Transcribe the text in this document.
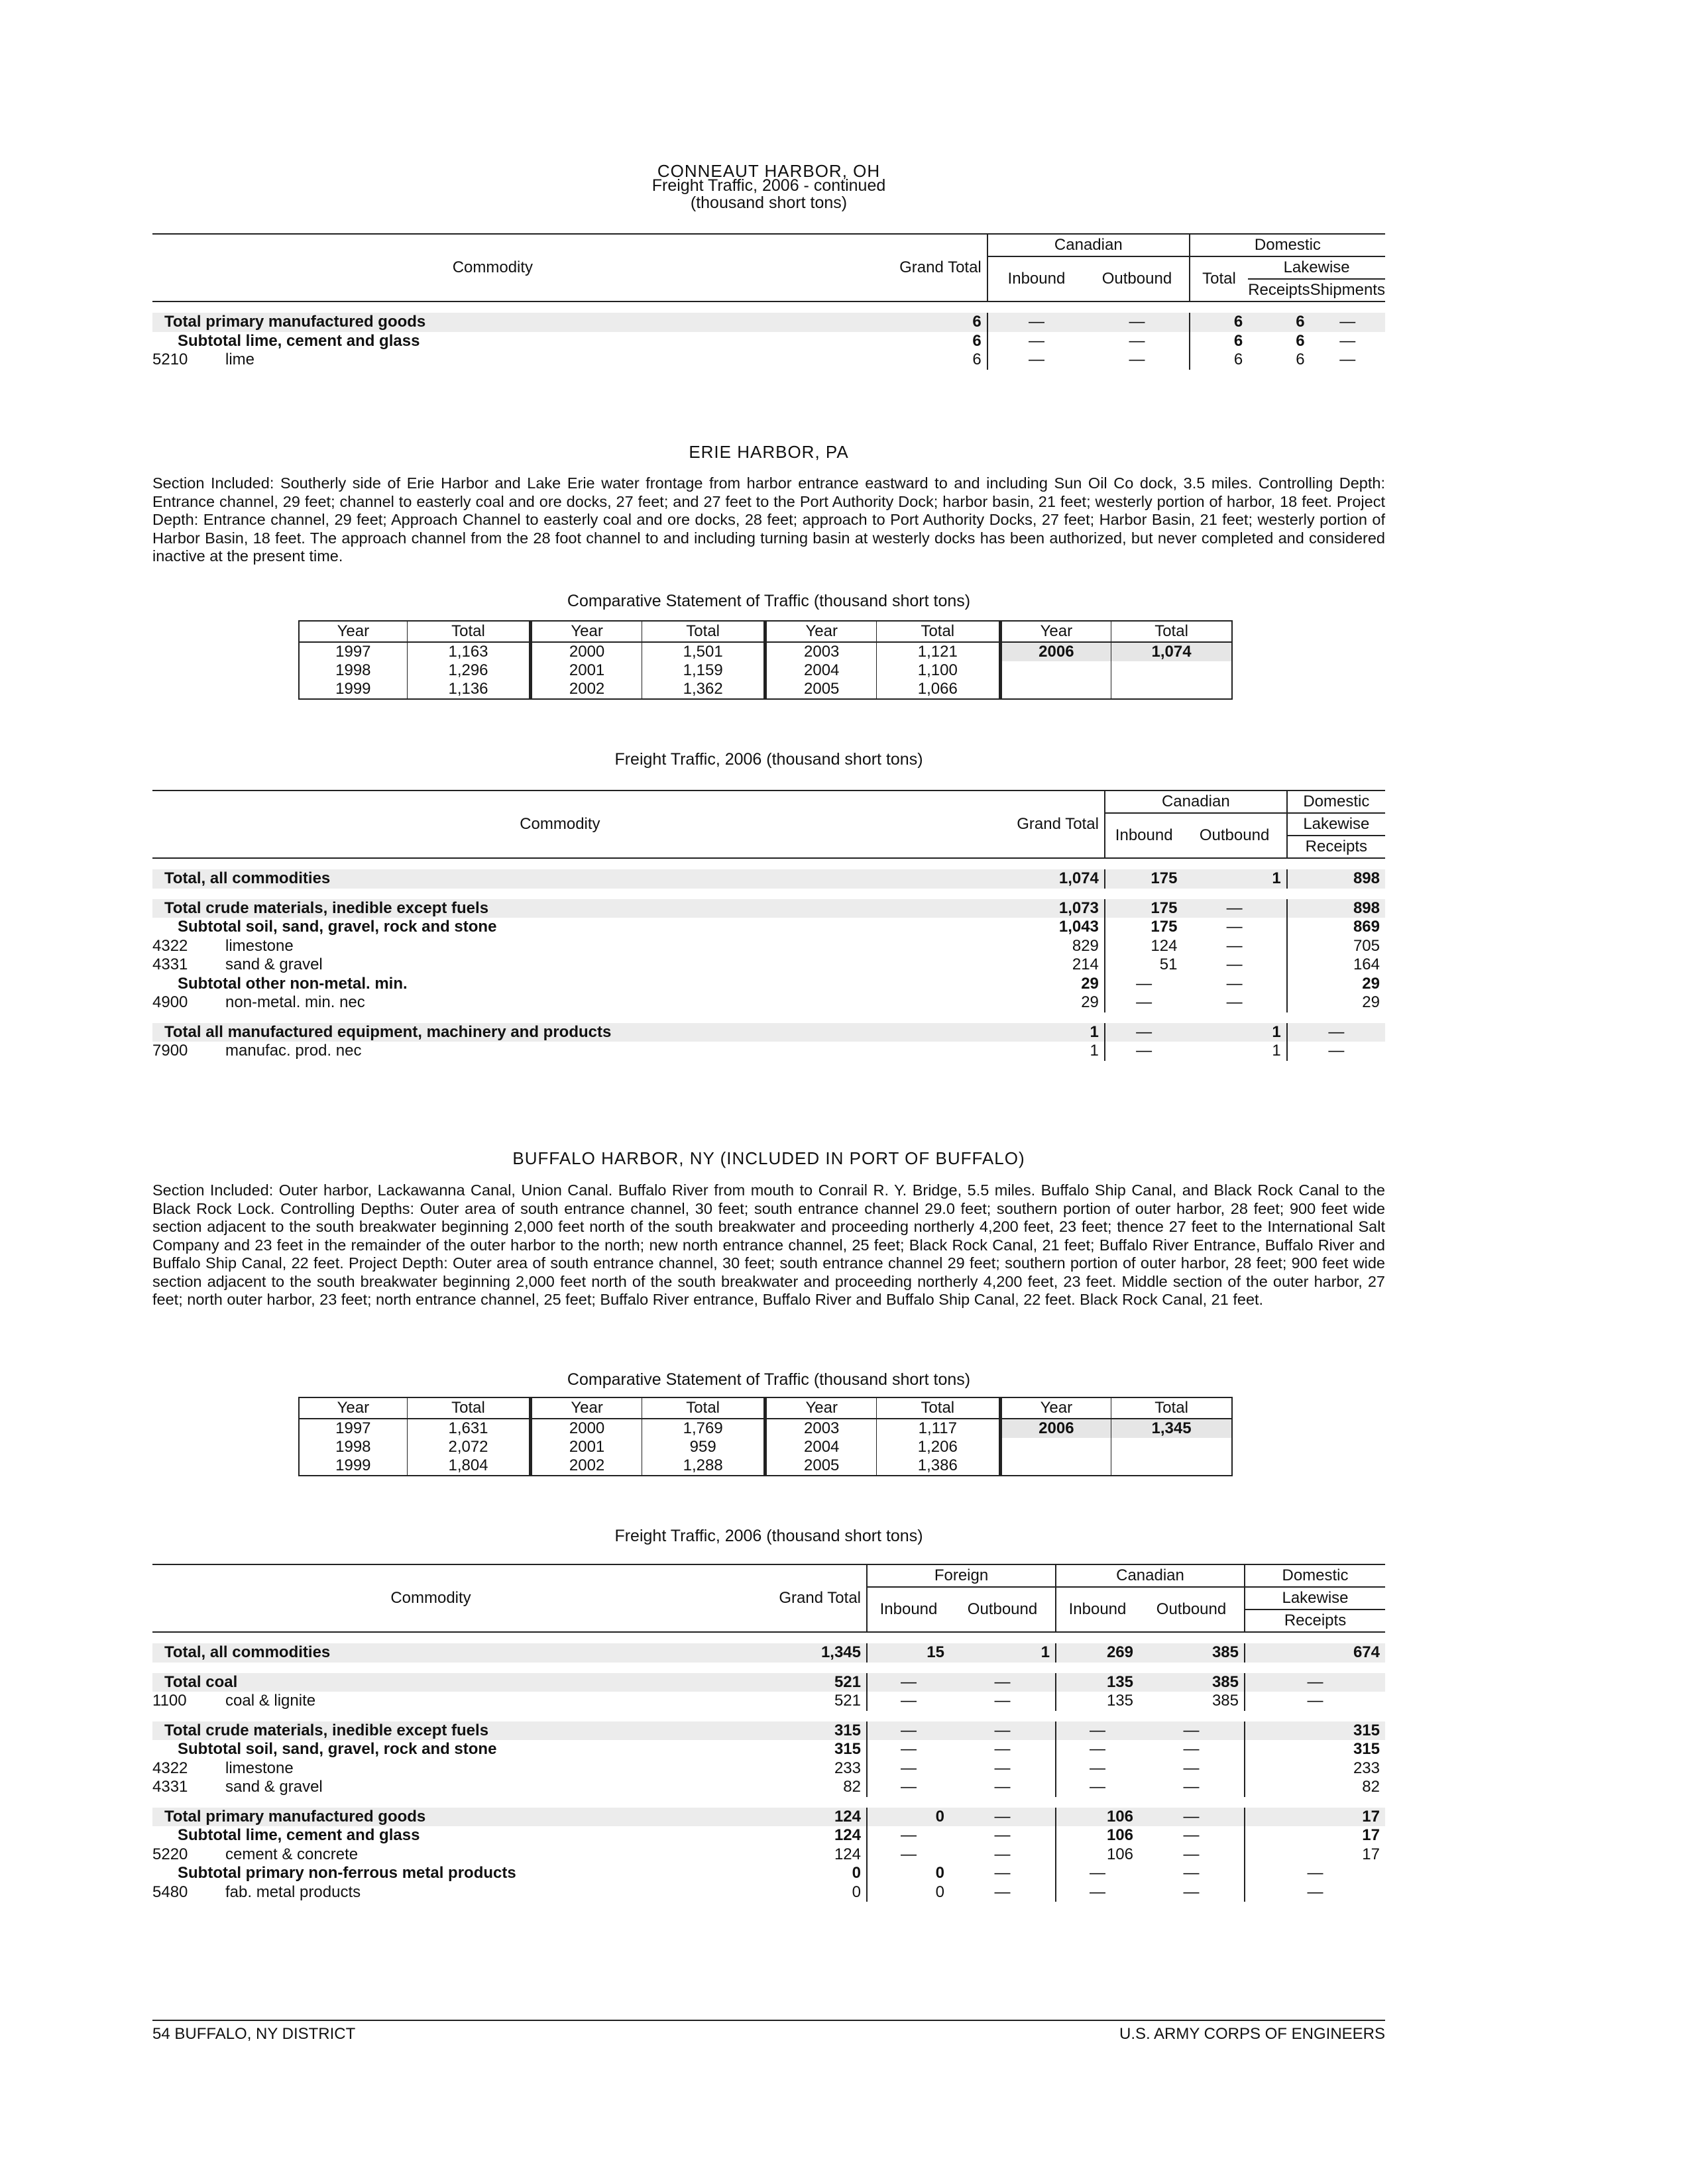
CONNEAUT HARBOR, OH
Freight Traffic, 2006 - continued
(thousand short tons)
Commodity	Grand Total	Canadian		Domestic		
		Inbound	Outbound	Total	Lakewise	
					Receipts	Shipments

Total primary manufactured goods	6	—	—	6	6	—
Subtotal lime, cement and glass	6	—	—	6	6	—
5210 lime	6	—	—	6	6	—
ERIE HARBOR, PA

Section Included: Southerly side of Erie Harbor and Lake Erie water frontage from harbor entrance eastward to and including Sun Oil Co dock, 3.5 miles. Controlling Depth: Entrance channel, 29 feet; channel to easterly coal and ore docks, 27 feet; and 27 feet to the Port Authority Dock; harbor basin, 21 feet; westerly portion of harbor, 18 feet. Project Depth: Entrance channel, 29 feet; Approach Channel to easterly coal and ore docks, 28 feet; approach to Port Authority Docks, 27 feet; Harbor Basin, 21 feet; westerly portion of Harbor Basin, 18 feet. The approach channel from the 28 foot channel to and including turning basin at westerly docks has been authorized, but never completed and considered inactive at the present time.

Comparative Statement of Traffic (thousand short tons)
Year	Total	Year	Total	Year	Total	Year	Total
1997	1,163	2000	1,501	2003	1,121	2006	1,074
1998	1,296	2001	1,159	2004	1,100		
1999	1,136	2002	1,362	2005	1,066		
Freight Traffic, 2006 (thousand short tons)
Commodity	Grand Total	Canadian		Domestic
		Inbound	Outbound	Lakewise
				Receipts

Total, all commodities	1,074	175	1	898

Total crude materials, inedible except fuels	1,073	175	—	898
Subtotal soil, sand, gravel, rock and stone	1,043	175	—	869
4322 limestone	829	124	—	705
4331 sand & gravel	214	51	—	164
Subtotal other non-metal. min.	29	—	—	29
4900 non-metal. min. nec	29	—	—	29

Total all manufactured equipment, machinery and products	1	—	1	—
7900 manufac. prod. nec	1	—	1	—
BUFFALO HARBOR, NY (INCLUDED IN PORT OF BUFFALO)

Section Included: Outer harbor, Lackawanna Canal, Union Canal. Buffalo River from mouth to Conrail R. Y. Bridge, 5.5 miles. Buffalo Ship Canal, and Black Rock Canal to the Black Rock Lock. Controlling Depths: Outer area of south entrance channel, 30 feet; south entrance channel 29.0 feet; southern portion of outer harbor, 28 feet; 900 feet wide section adjacent to the south breakwater beginning 2,000 feet north of the south breakwater and proceeding northerly 4,200 feet, 23 feet; thence 27 feet to the International Salt Company and 23 feet in the remainder of the outer harbor to the north; new north entrance channel, 25 feet; Black Rock Canal, 21 feet; Buffalo River Entrance, Buffalo River and Buffalo Ship Canal, 22 feet. Project Depth: Outer area of south entrance channel, 30 feet; south entrance channel 29 feet; southern portion of outer harbor, 28 feet; 900 feet wide section adjacent to the south breakwater beginning 2,000 feet north of the south breakwater and proceeding northerly 4,200 feet, 23 feet. Middle section of the outer harbor, 27 feet; north outer harbor, 23 feet; north entrance channel, 25 feet; Buffalo River entrance, Buffalo River and Buffalo Ship Canal, 22 feet. Black Rock Canal, 21 feet.

Comparative Statement of Traffic (thousand short tons)
Year	Total	Year	Total	Year	Total	Year	Total
1997	1,631	2000	1,769	2003	1,117	2006	1,345
1998	2,072	2001	959	2004	1,206		
1999	1,804	2002	1,288	2005	1,386		
Freight Traffic, 2006 (thousand short tons)
Commodity	Grand Total	Foreign		Canadian		Domestic
		Inbound	Outbound	Inbound	Outbound	Lakewise
						Receipts

Total, all commodities	1,345	15	1	269	385	674

Total coal	521	—	—	135	385	—
1100 coal & lignite	521	—	—	135	385	—

Total crude materials, inedible except fuels	315	—	—	—	—	315
Subtotal soil, sand, gravel, rock and stone	315	—	—	—	—	315
4322 limestone	233	—	—	—	—	233
4331 sand & gravel	82	—	—	—	—	82

Total primary manufactured goods	124	0	—	106	—	17
Subtotal lime, cement and glass	124	—	—	106	—	17
5220 cement & concrete	124	—	—	106	—	17
Subtotal primary non-ferrous metal products	0	0	—	—	—	—
5480 fab. metal products	0	0	—	—	—	—
54 BUFFALO, NY DISTRICT	U.S. ARMY CORPS OF ENGINEERS
